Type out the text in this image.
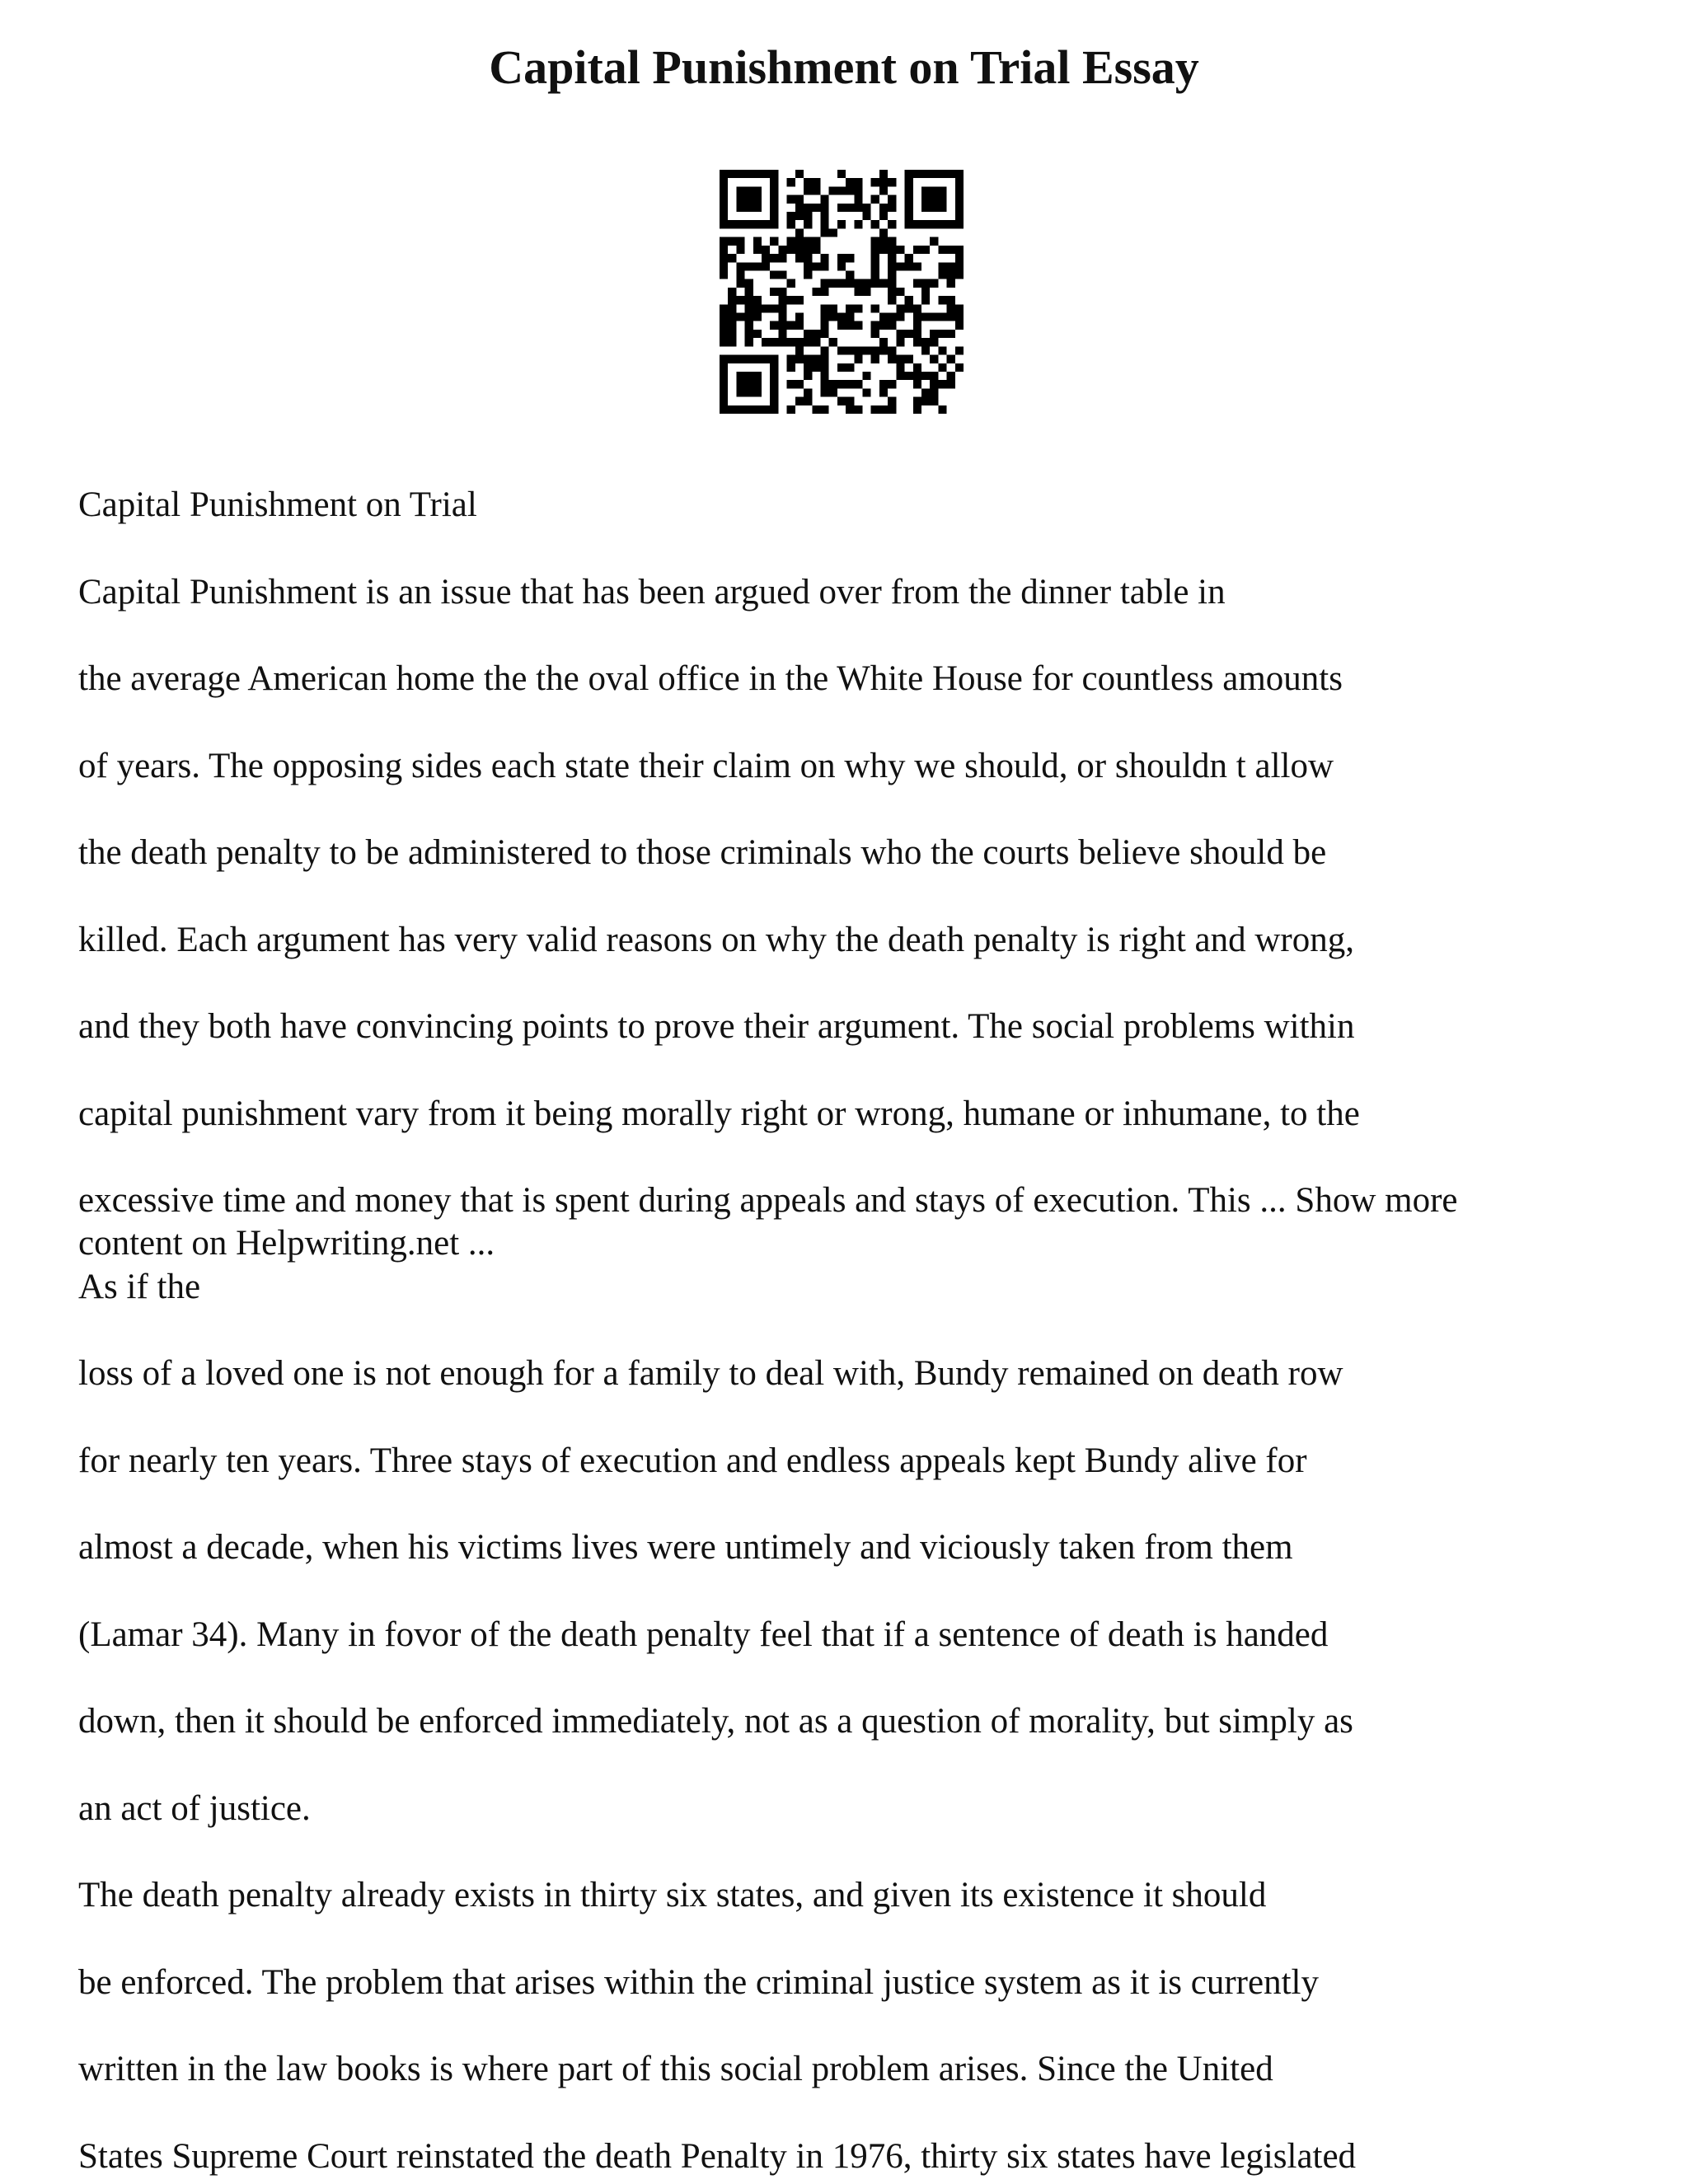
Capital Punishment on Trial Essay

Capital Punishment on Trial

Capital Punishment is an issue that has been argued over from the dinner table in

the average American home the the oval office in the White House for countless amounts

of years. The opposing sides each state their claim on why we should, or shouldn t allow

the death penalty to be administered to those criminals who the courts believe should be

killed. Each argument has very valid reasons on why the death penalty is right and wrong,

and they both have convincing points to prove their argument. The social problems within

capital punishment vary from it being morally right or wrong, humane or inhumane, to the

excessive time and money that is spent during appeals and stays of execution. This ... Show more

content on Helpwriting.net ...

As if the

loss of a loved one is not enough for a family to deal with, Bundy remained on death row

for nearly ten years. Three stays of execution and endless appeals kept Bundy alive for

almost a decade, when his victims lives were untimely and viciously taken from them

(Lamar 34). Many in fovor of the death penalty feel that if a sentence of death is handed

down, then it should be enforced immediately, not as a question of morality, but simply as

an act of justice.

The death penalty already exists in thirty six states, and given its existence it should

be enforced. The problem that arises within the criminal justice system as it is currently

written in the law books is where part of this social problem arises. Since the United

States Supreme Court reinstated the death Penalty in 1976, thirty six states have legislated
